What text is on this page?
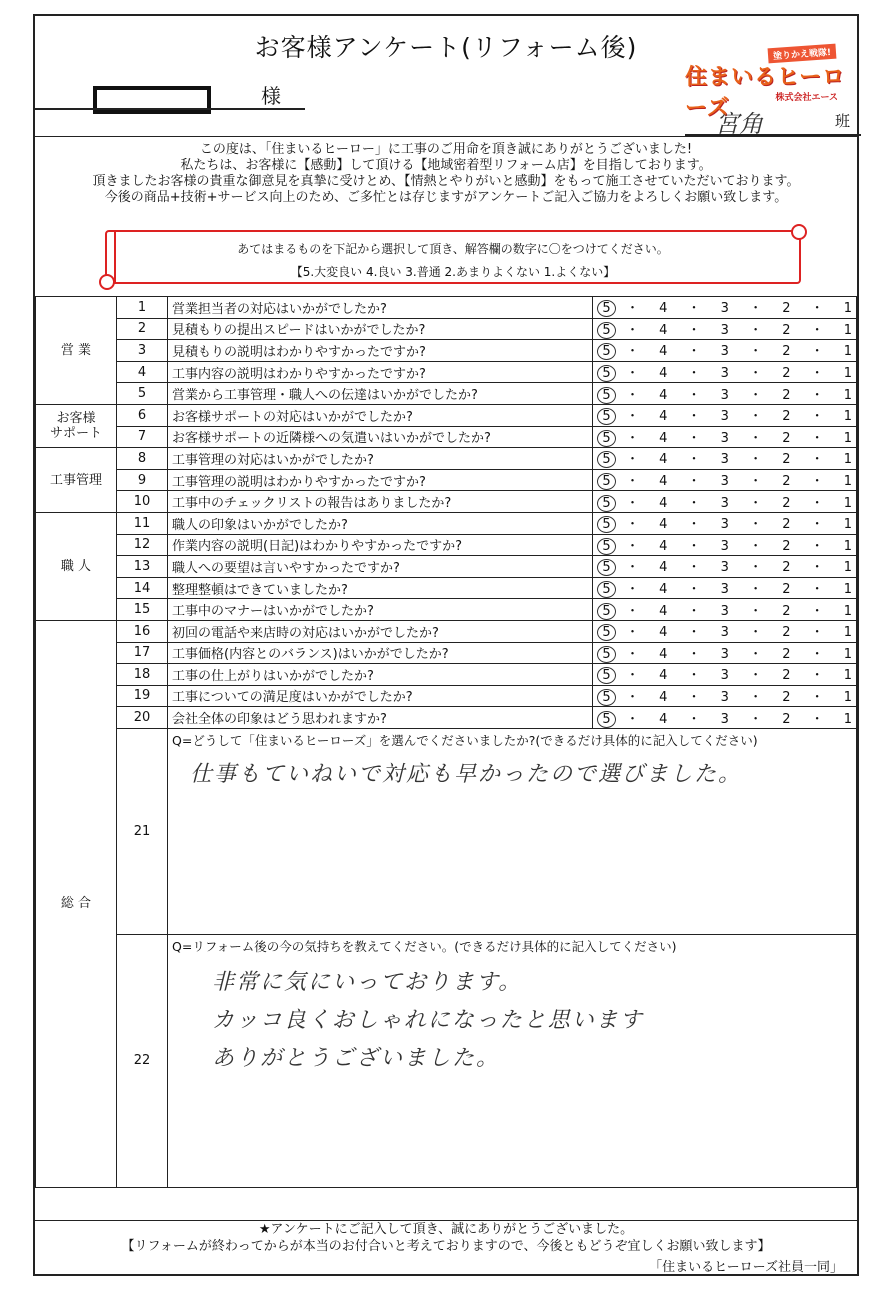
お客様アンケート(リフォーム後)
様
塗りかえ戦隊!
住まいるヒーローズ	株式会社エース
宮角	班
この度は、「住まいるヒーロー」に工事のご用命を頂き誠にありがとうございました!
私たちは、お客様に【感動】して頂ける【地域密着型リフォーム店】を目指しております。
頂きましたお客様の貴重な御意見を真摯に受けとめ、【情熱とやりがいと感動】をもって施工させていただいております。
今後の商品+技術+サービス向上のため、ご多忙とは存じますがアンケートご記入ご協力をよろしくお願い致します。
あてはまるものを下記から選択して頂き、解答欄の数字に〇をつけてください。
【5.大変良い 4.良い 3.普通 2.あまりよくない 1.よくない】
営 業	1	営業担当者の対応はいかがでしたか?	5 ・ 4 ・ 3 ・ 2 ・ 1
	2	見積もりの提出スピードはいかがでしたか?	5 ・ 4 ・ 3 ・ 2 ・ 1
	3	見積もりの説明はわかりやすかったですか?	5 ・ 4 ・ 3 ・ 2 ・ 1
	4	工事内容の説明はわかりやすかったですか?	5 ・ 4 ・ 3 ・ 2 ・ 1
	5	営業から工事管理・職人への伝達はいかがでしたか?	5 ・ 4 ・ 3 ・ 2 ・ 1
お客様
サポート	6	お客様サポートの対応はいかがでしたか?	5 ・ 4 ・ 3 ・ 2 ・ 1
	7	お客様サポートの近隣様への気遣いはいかがでしたか?	5 ・ 4 ・ 3 ・ 2 ・ 1
工事管理	8	工事管理の対応はいかがでしたか?	5 ・ 4 ・ 3 ・ 2 ・ 1
	9	工事管理の説明はわかりやすかったですか?	5 ・ 4 ・ 3 ・ 2 ・ 1
	10	工事中のチェックリストの報告はありましたか?	5 ・ 4 ・ 3 ・ 2 ・ 1
職 人	11	職人の印象はいかがでしたか?	5 ・ 4 ・ 3 ・ 2 ・ 1
	12	作業内容の説明(日記)はわかりやすかったですか?	5 ・ 4 ・ 3 ・ 2 ・ 1
	13	職人への要望は言いやすかったですか?	5 ・ 4 ・ 3 ・ 2 ・ 1
	14	整理整頓はできていましたか?	5 ・ 4 ・ 3 ・ 2 ・ 1
	15	工事中のマナーはいかがでしたか?	5 ・ 4 ・ 3 ・ 2 ・ 1
総 合	16	初回の電話や来店時の対応はいかがでしたか?	5 ・ 4 ・ 3 ・ 2 ・ 1
	17	工事価格(内容とのバランス)はいかがでしたか?	5 ・ 4 ・ 3 ・ 2 ・ 1
	18	工事の仕上がりはいかがでしたか?	5 ・ 4 ・ 3 ・ 2 ・ 1
	19	工事についての満足度はいかがでしたか?	5 ・ 4 ・ 3 ・ 2 ・ 1
	20	会社全体の印象はどう思われますか?	5 ・ 4 ・ 3 ・ 2 ・ 1
	21	Q=どうして「住まいるヒーローズ」を選んでくださいましたか?(できるだけ具体的に記入してください)
仕事もていねいで対応も早かったので選びました。	

	22	Q=リフォーム後の今の気持ちを教えてください。(できるだけ具体的に記入してください)
非常に気にいっております。
カッコ良くおしゃれになったと思います
ありがとうございました。	
★アンケートにご記入して頂き、誠にありがとうございました。
【リフォームが終わってからが本当のお付合いと考えておりますので、今後ともどうぞ宜しくお願い致します】
「住まいるヒーローズ社員一同」
